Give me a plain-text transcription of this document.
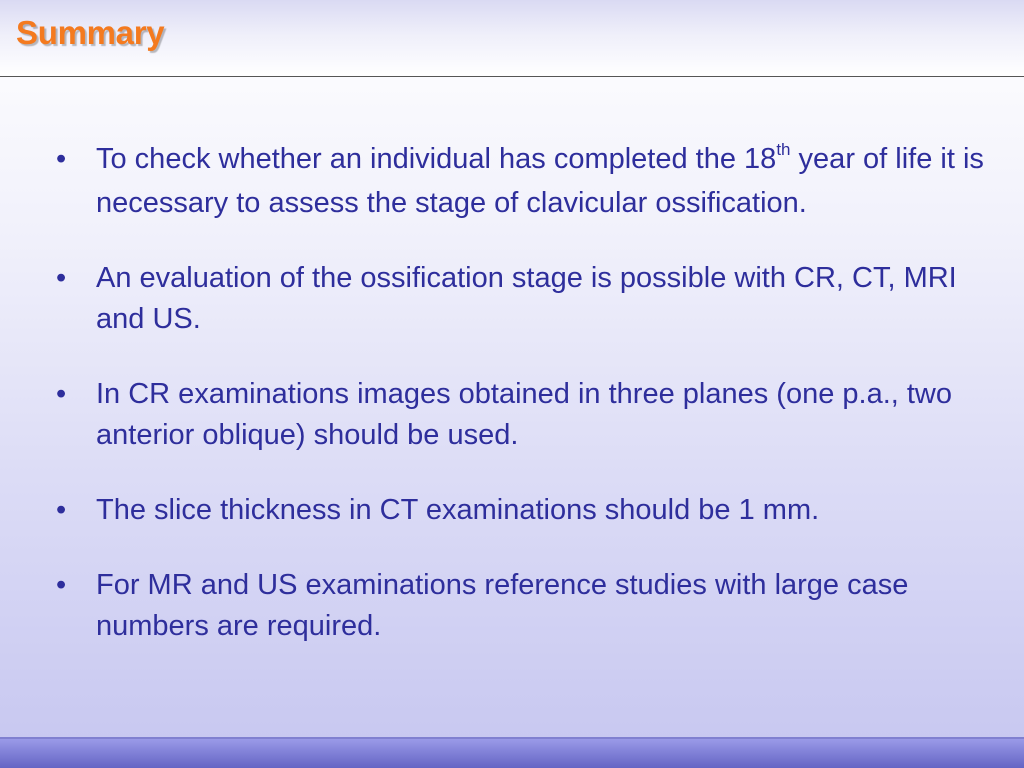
Summary
• To check whether an individual has completed the 18th year of life it is necessary to assess the stage of clavicular ossification.
• An evaluation of the ossification stage is possible with CR, CT, MRI and US.
• In CR examinations images obtained in three planes (one p.a., two anterior oblique) should be used.
• The slice thickness in CT examinations should be 1 mm.
• For MR and US examinations reference studies with large case numbers are required.
